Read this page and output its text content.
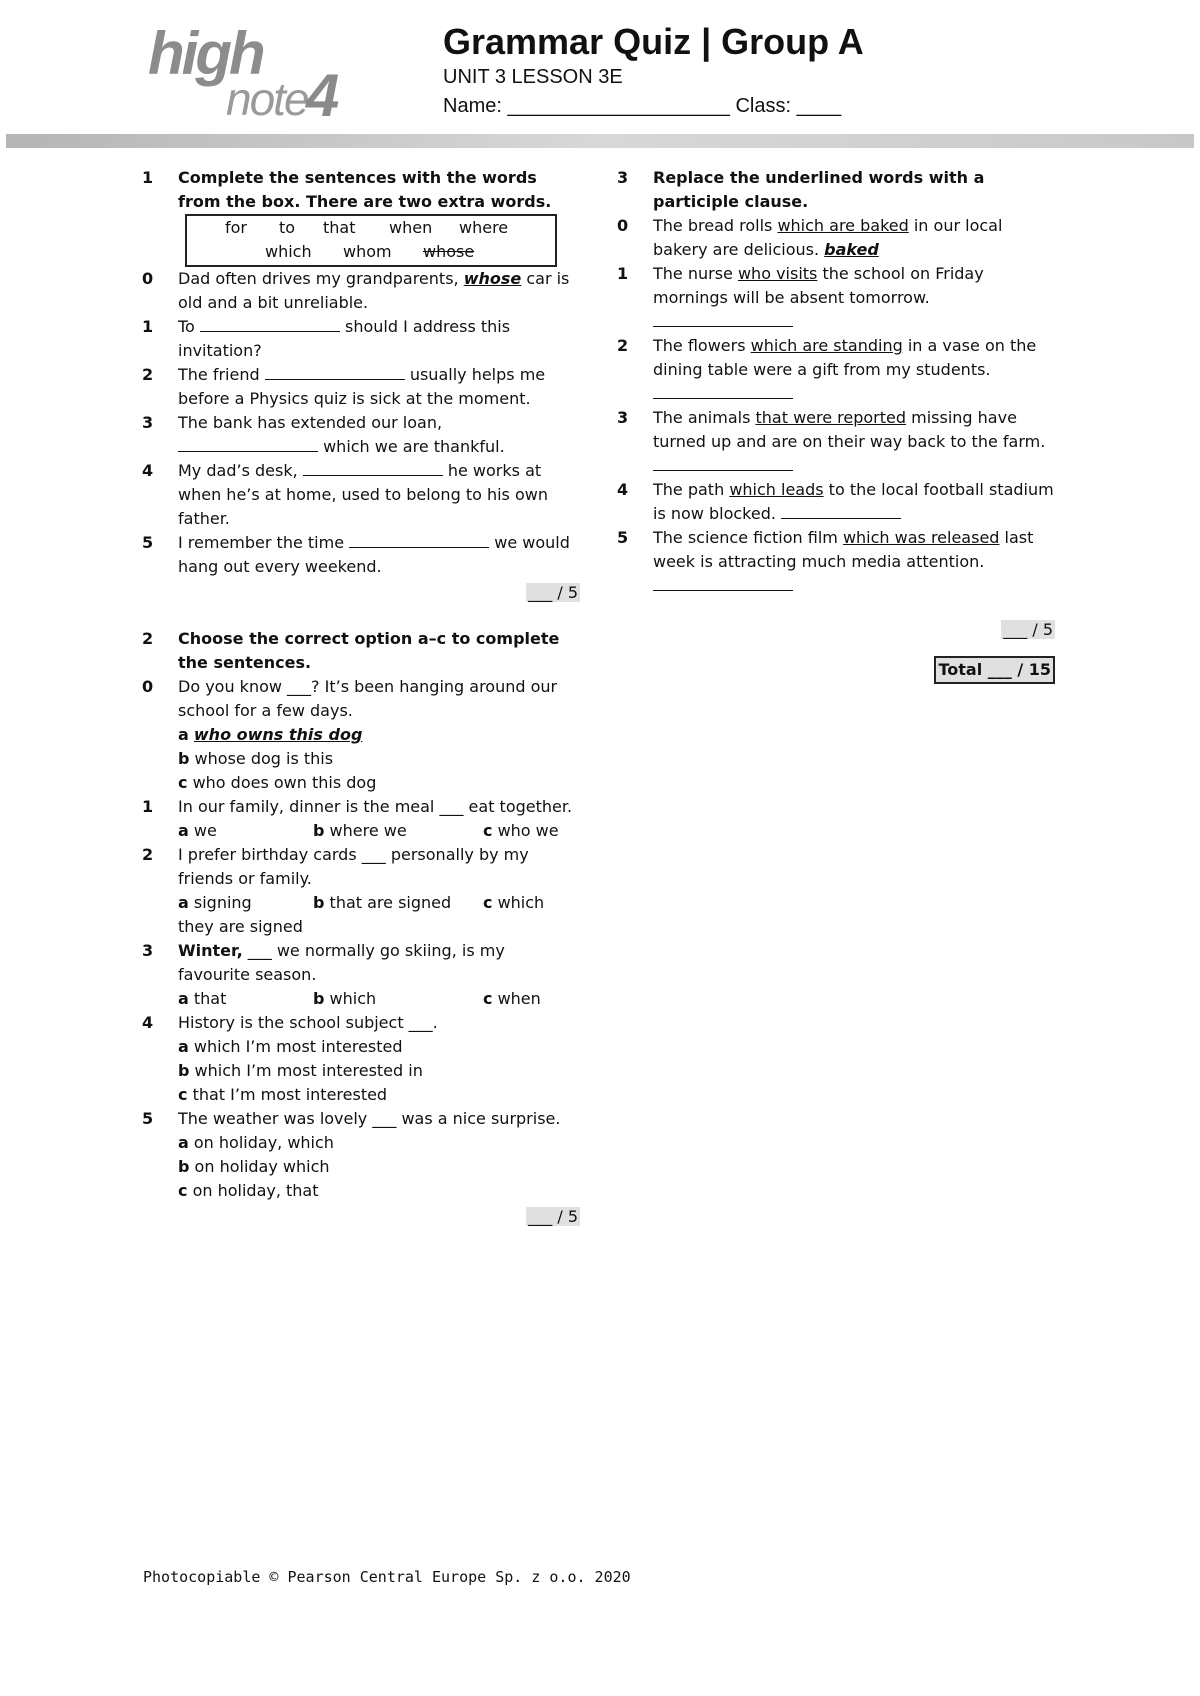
high
note
4
Grammar Quiz | Group A
UNIT 3 LESSON 3E
Name: ____________________ Class: ____
1 Complete the sentences with the words from the box. There are two extra words.
for to that when where
which whom whose
0 Dad often drives my grandparents, whose car is old and a bit unreliable.
1 To	should I address this invitation?
2 The friend	usually helps me before a Physics quiz is sick at the moment.
3 The bank has extended our loan,
which we are thankful.
4 My dad’s desk,	he works at when he’s at home, used to belong to his own father.
5 I remember the time	we would hang out every weekend.
___ / 5
2 Choose the correct option a–c to complete the sentences.
0 Do you know ___? It’s been hanging around our school for a few days.
a who owns this dog
b whose dog is this
c who does own this dog
1 In our family, dinner is the meal ___ eat together.
a we	b where we	c who we
2 I prefer birthday cards ___ personally by my friends or family.
a signing	b that are signed c which
they are signed
3 Winter, ___ we normally go skiing, is my favourite season.
a that	b which	c when
4 History is the school subject ___.
a which I’m most interested
b which I’m most interested in
c that I’m most interested
5 The weather was lovely ___ was a nice surprise.
a on holiday, which
b on holiday which
c on holiday, that
___ / 5
3 Replace the underlined words with a participle clause.
0 The bread rolls which are baked in our local bakery are delicious. baked
1 The nurse who visits the school on Friday mornings will be absent tomorrow.
2 The flowers which are standing in a vase on the dining table were a gift from my students.
3 The animals that were reported missing have turned up and are on their way back to the farm.
4 The path which leads to the local football stadium is now blocked.
5 The science fiction film which was released last week is attracting much media attention.
___ / 5
Total ___ / 15
Photocopiable © Pearson Central Europe Sp. z o.o. 2020
